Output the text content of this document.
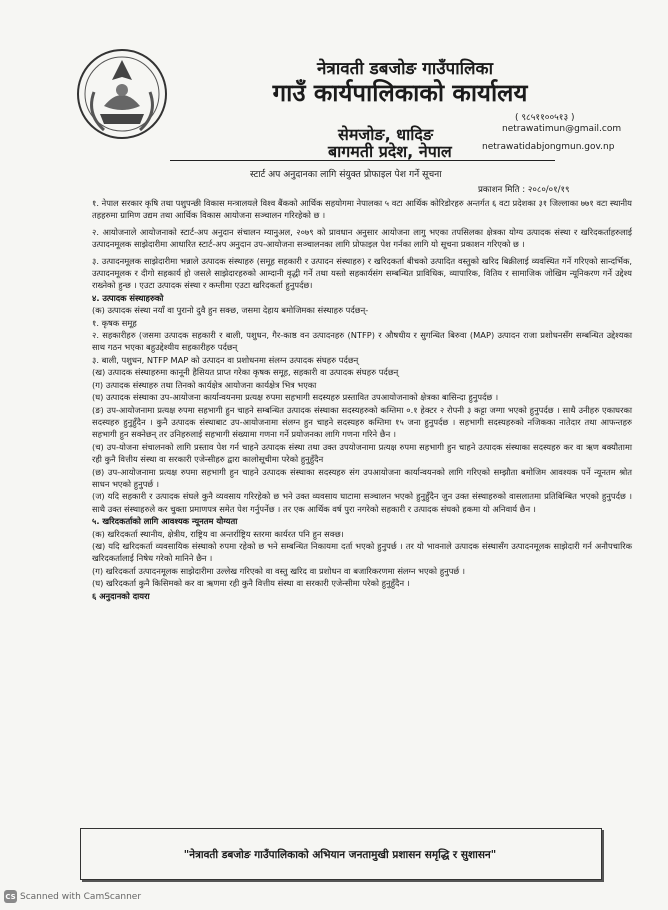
नेत्रावती डबजोङ गाउँपालिका
गाउँ कार्यपालिकाको कार्यालय
( ९८५११००५१३ )
सेमजोङ, धादिङ	netrawatimun@gmail.com
बागमती प्रदेश, नेपाल	netrawatidabjongmun.gov.np
स्टार्ट अप अनुदानका लागि संयुक्त प्रोफाइल पेश गर्ने सूचना
प्रकाशन मिति : २०८०/०१/१९

१. नेपाल सरकार कृषि तथा पशुपन्छी विकास मन्त्रालयले विश्व बैंकको आर्थिक सहयोगमा नेपालका ५ वटा आर्थिक कोरिडोरहरु अन्तर्गत ६ वटा प्रदेशका ३१ जिल्लाका ७७१ वटा स्थानीय तहहरुमा ग्रामिण उद्यम तथा आर्थिक विकास आयोजना सञ्चालन गरिरहेको छ ।

२. आयोजनाले आयोजनाको स्टार्ट-अप अनुदान संचालन म्यानुअल, २०७९ को प्रावधान अनुसार आयोजना लागु भएका तपसिलका क्षेत्रका योग्य उत्पादक संस्था र खरिदकर्ताहरुलाई उत्पादनमूलक साझेदारीमा आधारित स्टार्ट-अप अनुदान उप-आयोजना सञ्चालनका लागि प्रोफाइल पेश गर्नका लागि यो सूचना प्रकाशन गरिएको छ ।

३. उत्पादनमूलक साझेदारीमा भन्नाले उत्पादक संस्थाहरु (समूह सहकारी र उत्पादन संस्थाहरु) र खरिदकर्ता बीचको उत्पादित वस्तुको खरिद बिक्रीलाई व्यवस्थित गर्ने गरिएको सान्दर्भिक, उत्पादनमूलक र दीगो सहकार्य हो जसले साझेदारहरुको आम्दानी वृद्धी गर्ने तथा यस्तो सहकार्यसंग सम्बन्धित प्राविधिक, व्यापारिक, वितिय र सामाजिक जोखिम न्यूनिकरण गर्ने उद्देश्य राख्नेको हुन्छ । एउटा उत्पादक संस्था र कम्तीमा एउटा खरिदकर्ता हुनुपर्दछ।

४. उत्पादक संस्थाहरुको

(क) उत्पादक संस्था नयाँ वा पुरानो दुवै हुन सक्छ, जसमा देहाय बमोजिमका संस्थाहरु पर्दछन्-

१. कृषक समूह

२. सहकारीहरु (जसमा उत्पादक सहकारी र बाली, पशुधन, गैर-काष्ठ वन उत्पादनहरु (NTFP) र औषधीय र सुगन्धित बिरुवा (MAP) उत्पादन राजा प्रशोधनसँग सम्बन्धित उद्देश्यका साथ गठन भएका बहुउद्देश्यीय सहकारीहरु पर्दछन्

३. बाली, पशुधन, NTFP MAP को उत्पादन वा प्रशोधनमा संलग्न उत्पादक संघहरु पर्दछन्

(ख) उत्पादक संस्थाहरुमा कानूनी हैसियत प्राप्त गरेका कृषक समूह, सहकारी वा उत्पादक संघहरु पर्दछन्

(ग) उत्पादक संस्थाहरु तथा तिनको कार्यक्षेत्र आयोजना कार्यक्षेत्र भित्र भएका

(घ) उत्पादक संस्थाका उप-आयोजना कार्यान्वयनमा प्रत्यक्ष रुपमा सहभागी सदस्यहरु प्रस्तावित उपआयोजनाको क्षेत्रका बासिन्दा हुनुपर्दछ ।

(ङ) उप-आयोजनामा प्रत्यक्ष रुपमा सहभागी हुन चाहने सम्बन्धित उत्पादक संस्थाका सदस्यहरुको कम्तिमा ०.१ हेक्टर २ रोपनी ३ कट्टा जग्गा भएको हुनुपर्दछ । साथै उनीहरु एकाघरका सदस्यहरु हुनुहुँदैन । कुनै उत्पादक संस्थाबाट उप-आयोजनामा संलग्न हुन चाहने सदस्यहरु कम्तिमा १५ जना हुनुपर्दछ । सहभागी सदस्यहरुको नजिकका नातेदार तथा आफन्तहरु सहभागी हुन सक्नेछन् तर उनिहरुलाई सहभागी संख्यामा गणना गर्ने प्रयोजनका लागि गणना गरिने छैन ।

(च) उप-योजना संचालनको लागि प्रस्ताव पेश गर्न चाहने उत्पादक संस्था तथा उक्त उपयोजनामा प्रत्यक्ष रुपमा सहभागी हुन चाहने उत्पादक संस्थाका सदस्यहरु कर वा ऋण बक्यौतामा रही कुनै वित्तीय संस्था वा सरकारी एजेन्सीहरु द्वारा कालोसूचीमा परेको हुनुहुँदैन

(छ) उप-आयोजनामा प्रत्यक्ष रुपमा सहभागी हुन चाहने उत्पादक संस्थाका सदस्यहरु संग उपआयोजना कार्यान्वयनको लागि गरिएको सम्झौता बमोजिम आवश्यक पर्ने न्यूनतम श्रोत साधन भएको हुनुपर्छ ।

(ज) यदि सहकारी र उत्पादक संघले कुनै व्यवसाय गरिरहेको छ भने उक्त व्यवसाय घाटामा सञ्चालन भएको हुनुहुँदैन जुन उक्त संस्थाहरुको वासलातमा प्रतिबिम्बित भएको हुनुपर्दछ । साथै उक्त संस्थाहरुले कर चुक्ता प्रमाणपत्र समेत पेश गर्नुपर्नेछ । तर एक आर्थिक वर्ष पुरा नगरेको सहकारी र उत्पादक संघको हकमा यो अनिवार्य छैन ।

५. खरिदकर्ताको लागि आवश्यक न्यूनतम योग्यता

(क) खरिदकर्ता स्थानीय, क्षेत्रीय, राष्ट्रिय वा अन्तर्राष्ट्रिय स्तरमा कार्यरत पनि हुन सक्छ।

(ख) यदि खरिदकर्ता व्यवसायिक संस्थाको रुपमा रहेको छ भने सम्बन्धित निकायमा दर्ता भएको हुनुपर्छ । तर यो भावनाले उत्पादक संस्थासँग उत्पादनमूलक साझेदारी गर्न अनौपचारिक खरिदकर्तालाई निषेध गरेको मानिने छैन ।

(ग) खरिदकर्ता उत्पादनमूलक साझेदारीमा उल्लेख गरिएको वा वस्तु खरिद वा प्रशोधन वा बजारिकरणमा संलग्न भएको हुनुपर्छ ।

(घ) खरिदकर्ता कुनै किसिमको कर वा ऋणमा रही कुनै वित्तीय संस्था वा सरकारी एजेन्सीमा परेको हुनुहुँदैन ।

६ अनुदानको दायरा

"नेत्रावती डबजोङ गाउँपालिकाको अभियान जनतामुखी प्रशासन समृद्धि र सुशासन"
CS Scanned with CamScanner
